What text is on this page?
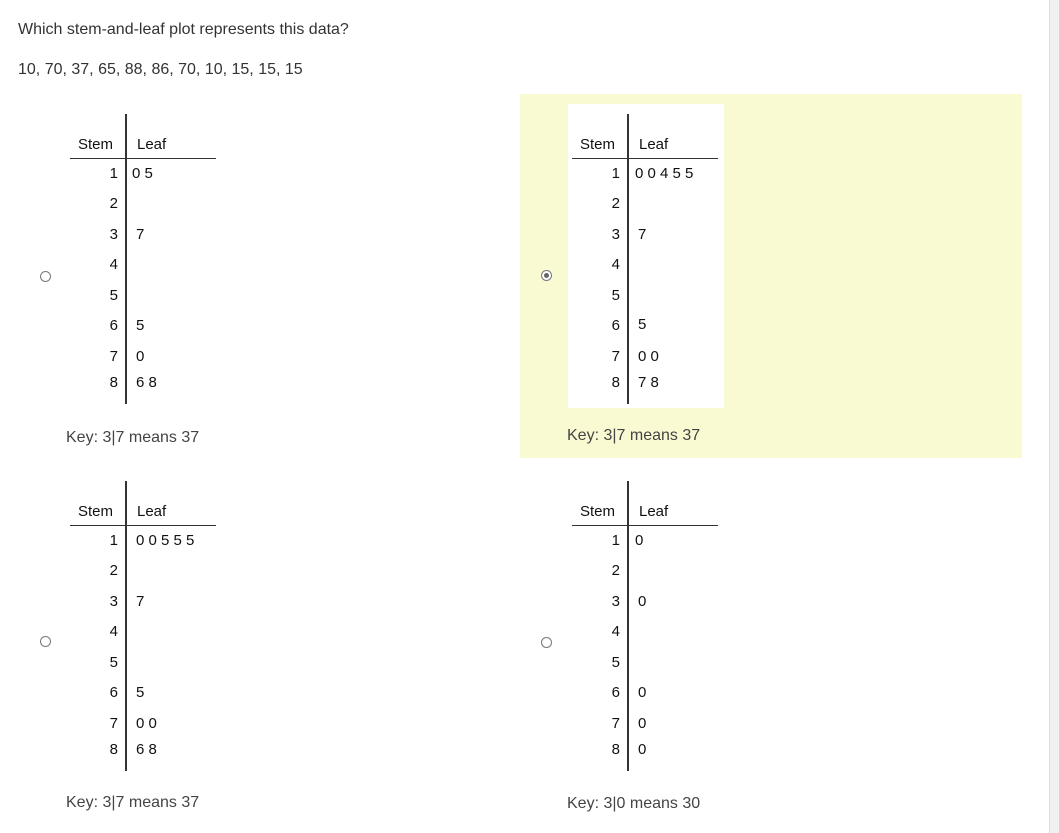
Which stem-and-leaf plot represents this data?
10, 70, 37, 65, 88, 86, 70, 10, 15, 15, 15
Stem Leaf
1 0 5
2
3 7
4
5
6 5
7 0
8 6 8
Key: 3|7 means 37
Stem Leaf
1 0 0 4 5 5
2
3 7
4
5
6 5
7 0 0
8 7 8
Key: 3|7 means 37
Stem Leaf
1 0 0 5 5 5
2
3 7
4
5
6 5
7 0 0
8 6 8
Key: 3|7 means 37
Stem Leaf
1 0
2
3 0
4
5
6 0
7 0
8 0
Key: 3|0 means 30
